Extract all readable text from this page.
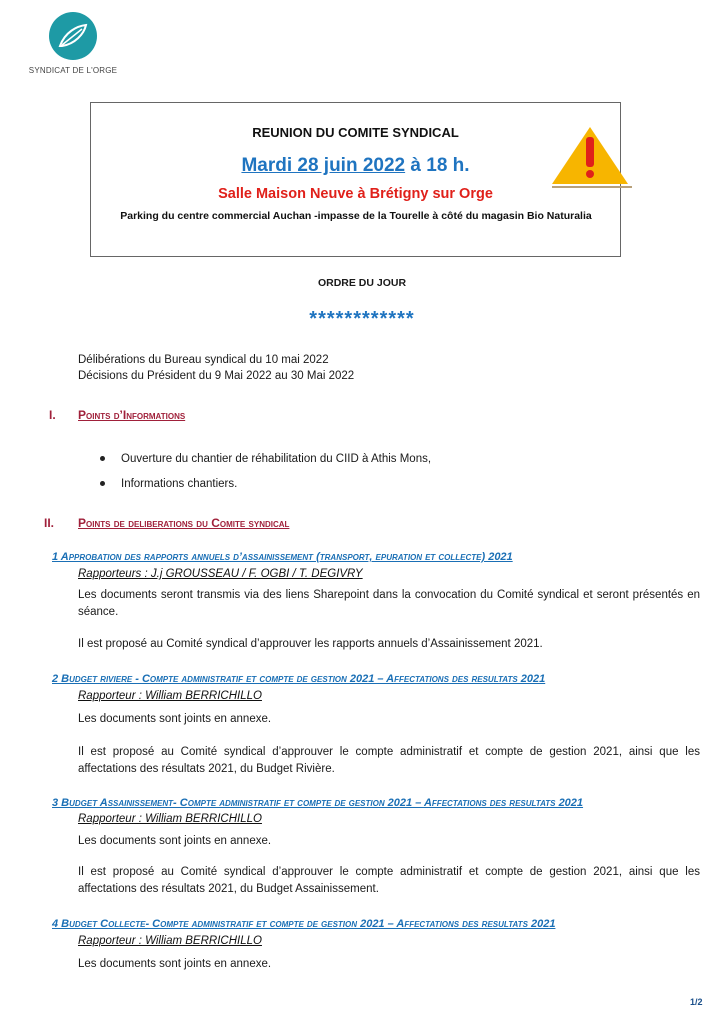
SYNDICAT DE L'ORGE
REUNION DU COMITE SYNDICAL
Mardi 28 juin 2022 à 18 h.
Salle Maison Neuve à Brétigny sur Orge
Parking du centre commercial Auchan -impasse de la Tourelle à côté du magasin Bio Naturalia
ORDRE DU JOUR
************
Délibérations du Bureau syndical du 10 mai 2022
Décisions du Président du 9 Mai 2022 au 30 Mai 2022
I. Points d’Informations
Ouverture du chantier de réhabilitation du CIID à Athis Mons,
Informations chantiers.
II. Points de deliberations du Comite syndical
1 Approbation des rapports annuels d’assainissement (transport, epuration et collecte) 2021
Rapporteurs : J.j GROUSSEAU / F. OGBI / T. DEGIVRY
Les documents seront transmis via des liens Sharepoint dans la convocation du Comité syndical et seront présentés en séance.
Il est proposé au Comité syndical d’approuver les rapports annuels d’Assainissement 2021.
2 Budget riviere - Compte administratif et compte de gestion 2021 – Affectations des resultats 2021
Rapporteur : William BERRICHILLO
Les documents sont joints en annexe.
Il est proposé au Comité syndical d’approuver le compte administratif et compte de gestion 2021, ainsi que les affectations des résultats 2021, du Budget Rivière.
3 Budget Assainissement- Compte administratif et compte de gestion 2021 – Affectations des resultats 2021
Rapporteur : William BERRICHILLO
Les documents sont joints en annexe.
Il est proposé au Comité syndical d’approuver le compte administratif et compte de gestion 2021, ainsi que les affectations des résultats 2021, du Budget Assainissement.
4 Budget Collecte- Compte administratif et compte de gestion 2021 – Affectations des resultats 2021
Rapporteur : William BERRICHILLO
Les documents sont joints en annexe.
1/2
